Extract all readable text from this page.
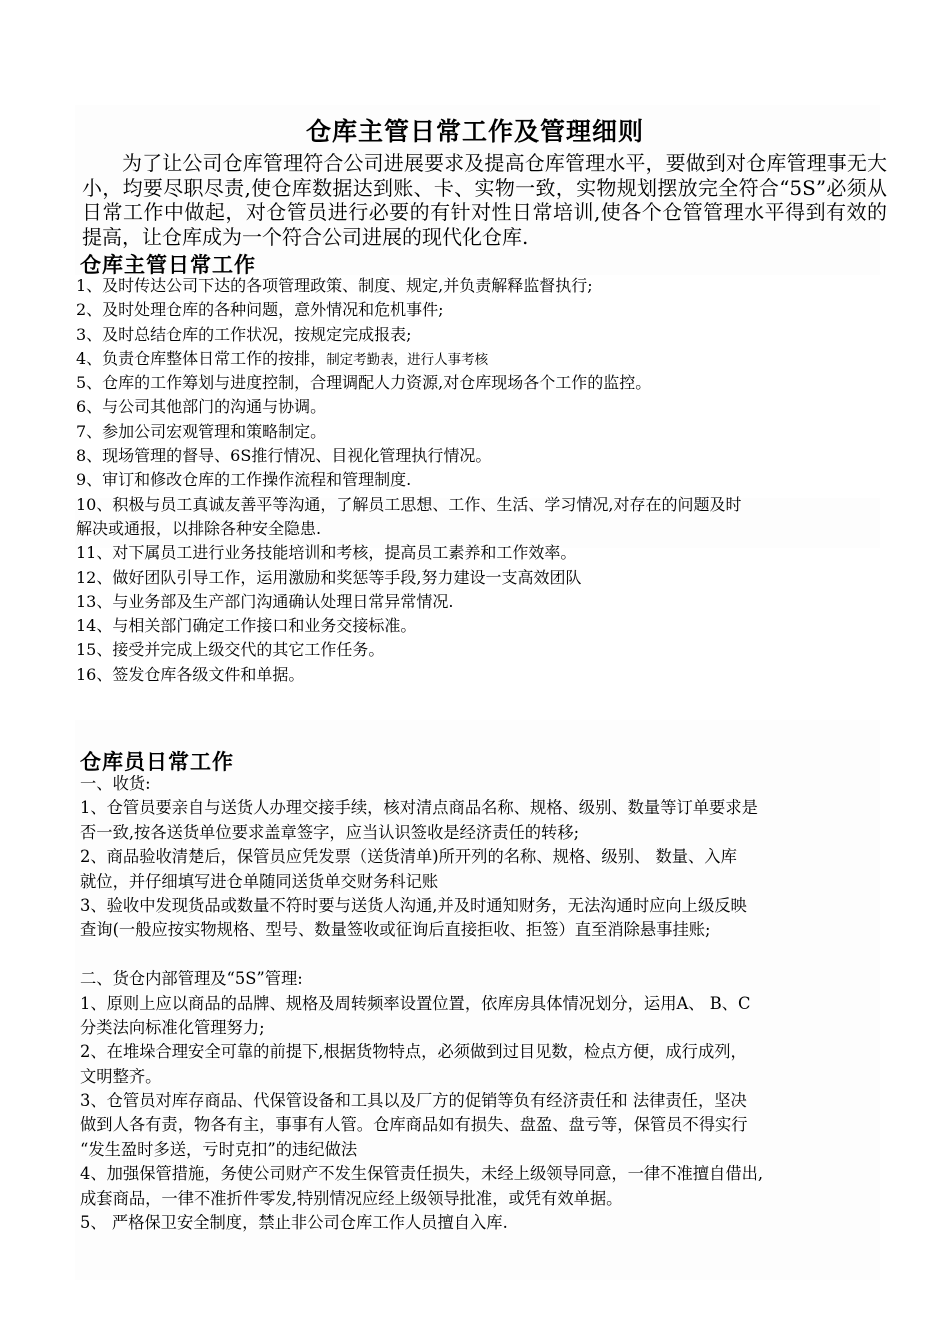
仓库主管日常工作及管理细则

为了让公司仓库管理符合公司进展要求及提高仓库管理水平，要做到对仓库管理事无大小，均要尽职尽责,使仓库数据达到账、卡、实物一致，实物规划摆放完全符合“5S”必须从日常工作中做起，对仓管员进行必要的有针对性日常培训,使各个仓管管理水平得到有效的提高，让仓库成为一个符合公司进展的现代化仓库.

仓库主管日常工作
1、及时传达公司下达的各项管理政策、制度、规定,并负责解释监督执行;
2、及时处理仓库的各种问题，意外情况和危机事件;
3、及时总结仓库的工作状况，按规定完成报表;
4、负责仓库整体日常工作的按排，制定考勤表，进行人事考核
5、仓库的工作筹划与进度控制，合理调配人力资源,对仓库现场各个工作的监控。
6、与公司其他部门的沟通与协调。
7、参加公司宏观管理和策略制定。
8、现场管理的督导、6S推行情况、目视化管理执行情况。
9、审订和修改仓库的工作操作流程和管理制度.
10、积极与员工真诚友善平等沟通，了解员工思想、工作、生活、学习情况,对存在的问题及时
解决或通报，以排除各种安全隐患.
11、对下属员工进行业务技能培训和考核，提高员工素养和工作效率。
12、做好团队引导工作，运用激励和奖惩等手段,努力建设一支高效团队
13、与业务部及生产部门沟通确认处理日常异常情况.
14、与相关部门确定工作接口和业务交接标准。
15、接受并完成上级交代的其它工作任务。
16、签发仓库各级文件和单据。
仓库员日常工作
一、收货:
1、仓管员要亲自与送货人办理交接手续，核对清点商品名称、规格、级别、数量等订单要求是
否一致,按各送货单位要求盖章签字，应当认识签收是经济责任的转移;
2、商品验收清楚后，保管员应凭发票（送货清单)所开列的名称、规格、级别、 数量、入库
就位，并仔细填写进仓单随同送货单交财务科记账
3、验收中发现货品或数量不符时要与送货人沟通,并及时通知财务，无法沟通时应向上级反映
查询(一般应按实物规格、型号、数量签收或征询后直接拒收、拒签）直至消除悬事挂账;
二、货仓内部管理及“5S”管理:
1、原则上应以商品的品牌、规格及周转频率设置位置，依库房具体情况划分，运用A、 B、C
分类法向标准化管理努力;
2、在堆垛合理安全可靠的前提下,根据货物特点，必须做到过目见数，检点方便，成行成列，
文明整齐。
3、仓管员对库存商品、代保管设备和工具以及厂方的促销等负有经济责任和 法律责任，坚决
做到人各有责，物各有主，事事有人管。仓库商品如有损失、盘盈、盘亏等，保管员不得实行
“发生盈时多送，亏时克扣”的违纪做法
4、加强保管措施，务使公司财产不发生保管责任损失，未经上级领导同意，一律不准擅自借出,
成套商品，一律不准折件零发,特别情况应经上级领导批准，或凭有效单据。
5、 严格保卫安全制度，禁止非公司仓库工作人员擅自入库.
